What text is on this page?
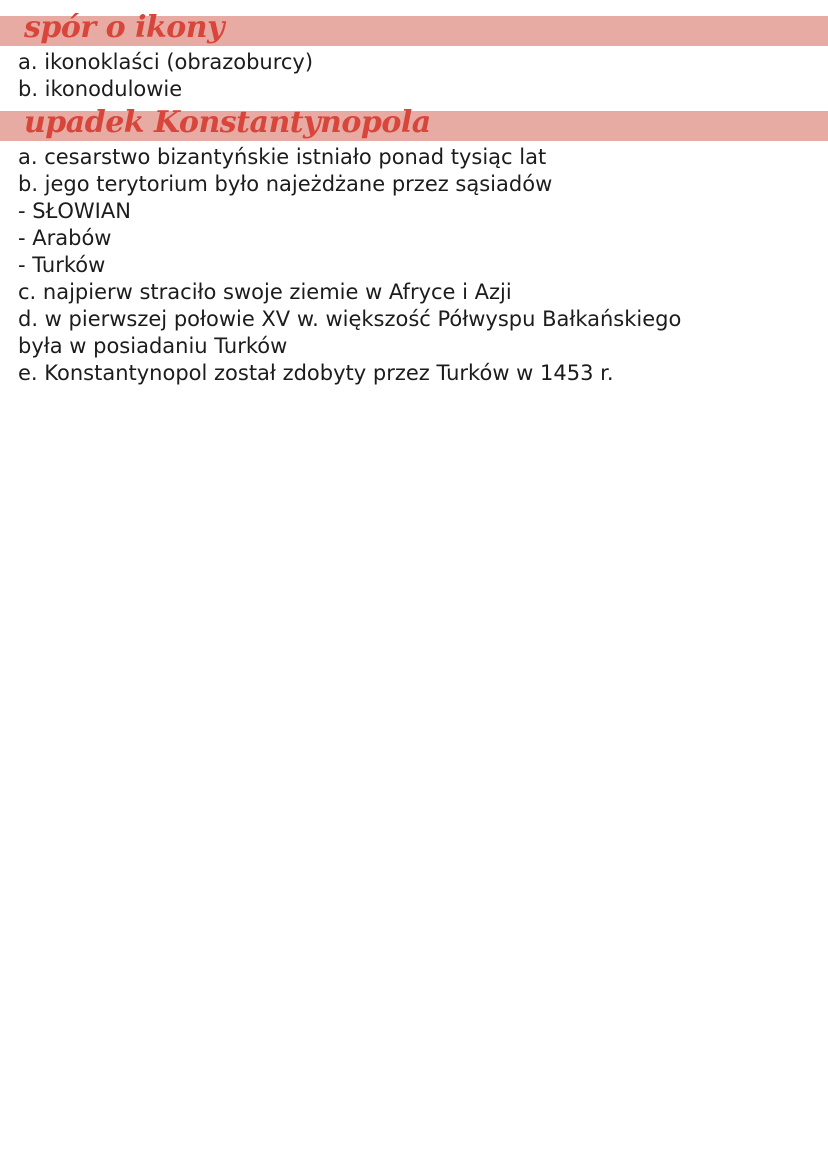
spór o ikony
a. ikonoklaści (obrazoburcy)
b. ikonodulowie
upadek Konstantynopola
a. cesarstwo bizantyńskie istniało ponad tysiąc lat
b. jego terytorium było najeżdżane przez sąsiadów
- SŁOWIAN
- Arabów
- Turków
c. najpierw straciło swoje ziemie w Afryce i Azji
d. w pierwszej połowie XV w. większość Półwyspu Bałkańskiego
była w posiadaniu Turków
e. Konstantynopol został zdobyty przez Turków w 1453 r.
